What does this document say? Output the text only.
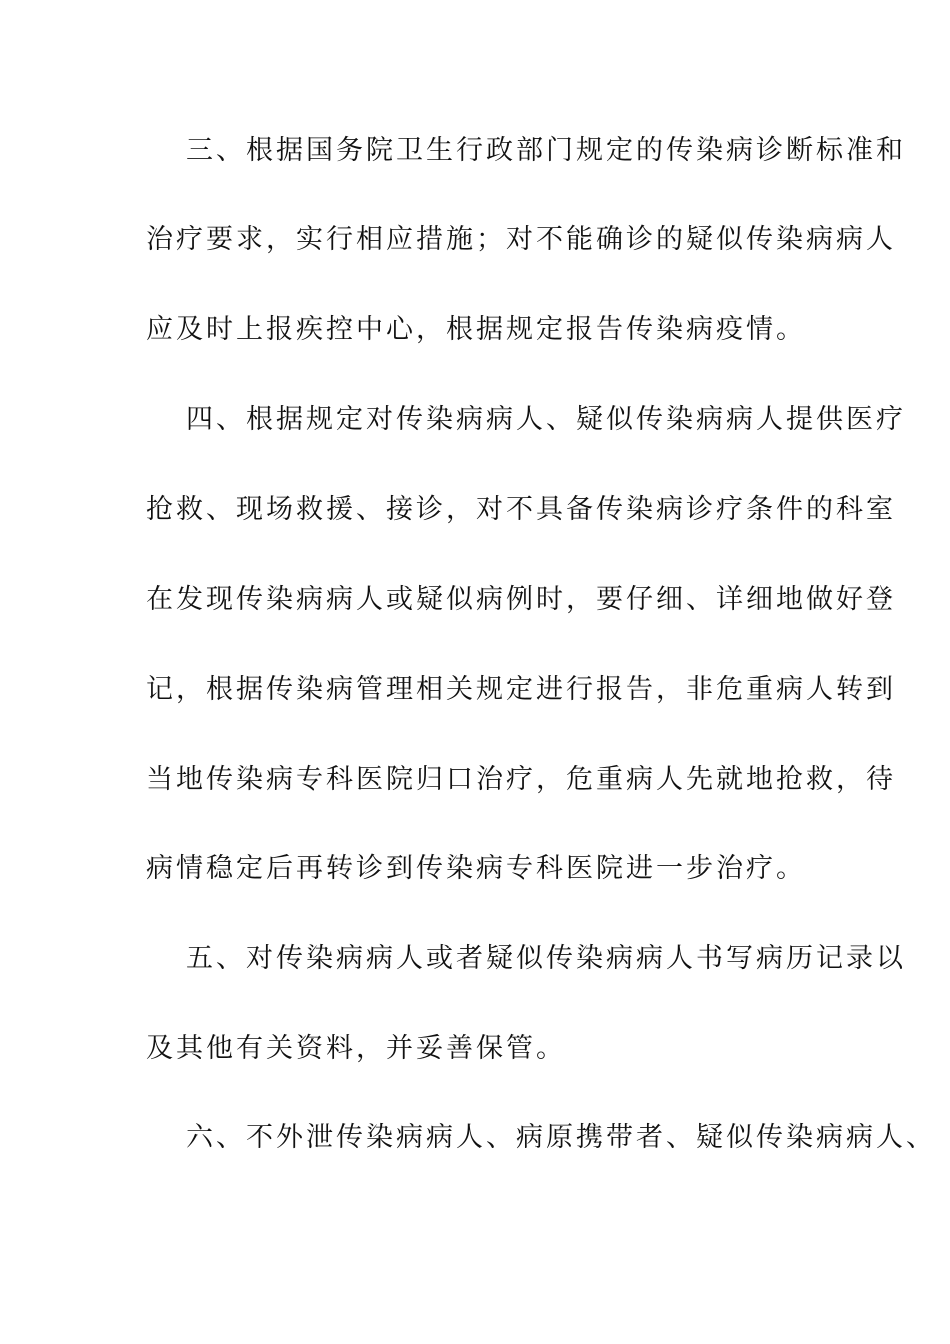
三、根据国务院卫生行政部门规定的传染病诊断标准和
治疗要求，实行相应措施；对不能确诊的疑似传染病病人
应及时上报疾控中心，根据规定报告传染病疫情。
四、根据规定对传染病病人、疑似传染病病人提供医疗
抢救、现场救援、接诊，对不具备传染病诊疗条件的科室
在发现传染病病人或疑似病例时，要仔细、详细地做好登
记，根据传染病管理相关规定进行报告，非危重病人转到
当地传染病专科医院归口治疗，危重病人先就地抢救，待
病情稳定后再转诊到传染病专科医院进一步治疗。
五、对传染病病人或者疑似传染病病人书写病历记录以
及其他有关资料，并妥善保管。
六、不外泄传染病病人、病原携带者、疑似传染病病人、
